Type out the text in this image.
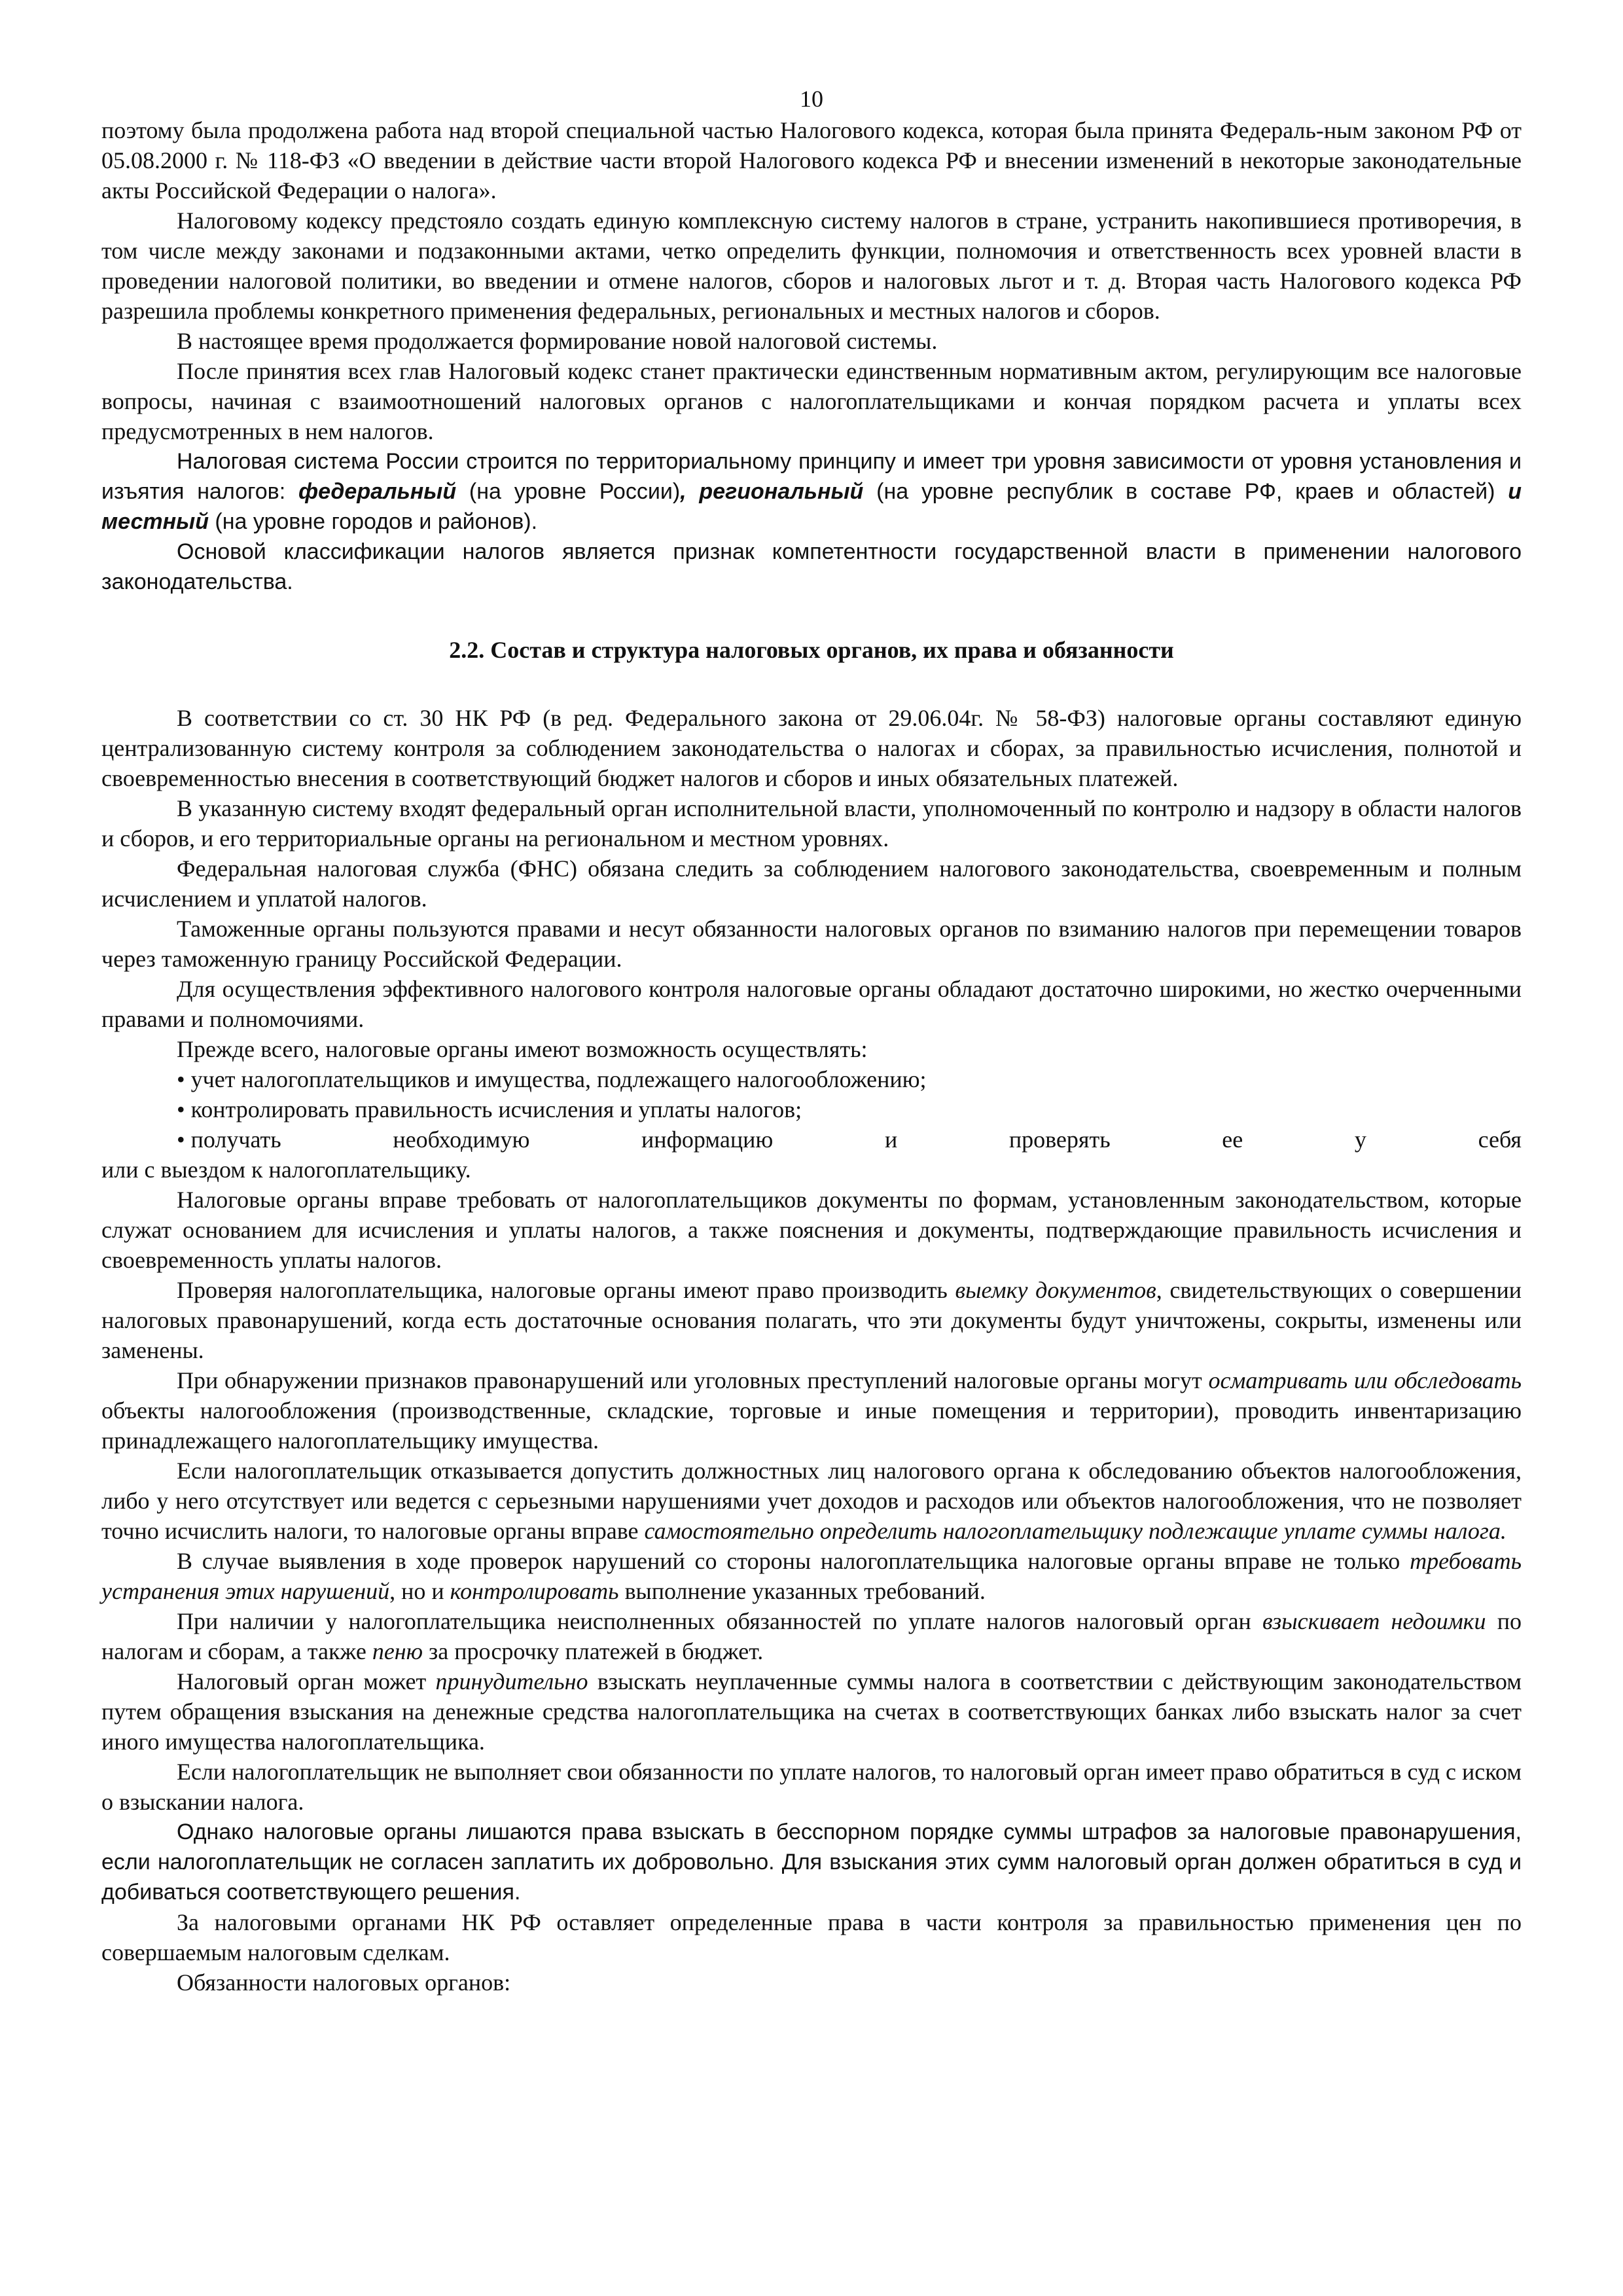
10

поэтому была продолжена работа над второй специальной частью Налогового кодекса, которая была принята Федераль-ным законом РФ от 05.08.2000 г. № 118-ФЗ «О введении в действие части второй Налогового кодекса РФ и внесении изменений в некоторые законодательные акты Российской Федерации о налога».

Налоговому кодексу предстояло создать единую комплексную систему налогов в стране, устранить накопившиеся противоречия, в том числе между законами и подзаконными актами, четко определить функции, полномочия и ответственность всех уровней власти в проведении налоговой политики, во введении и отмене налогов, сборов и налоговых льгот и т. д. Вторая часть Налогового кодекса РФ разрешила проблемы конкретного применения федеральных, региональных и местных налогов и сборов.

В настоящее время продолжается формирование новой налоговой системы.

После принятия всех глав Налоговый кодекс станет практически единственным нормативным актом, регулирующим все налоговые вопросы, начиная с взаимоотношений налоговых органов с налогоплательщиками и кончая порядком расчета и уплаты всех предусмотренных в нем налогов.

Налоговая система России строится по территориальному принципу и имеет три уровня зависимости от уровня установления и изъятия налогов: федеральный (на уровне России), региональный (на уровне республик в составе РФ, краев и областей) и местный (на уровне городов и районов).

Основой классификации налогов является признак компетентности государственной власти в применении налогового законодательства.

2.2. Состав и структура налоговых органов, их права и обязанности

В соответствии со ст. 30 НК РФ (в ред. Федерального закона от 29.06.04г. № 58-ФЗ) налоговые органы составляют единую централизованную систему контроля за соблюдением законодательства о налогах и сборах, за правильностью исчисления, полнотой и своевременностью внесения в соответствующий бюджет налогов и сборов и иных обязательных платежей.

В указанную систему входят федеральный орган исполнительной власти, уполномоченный по контролю и надзору в области налогов и сборов, и его территориальные органы на региональном и местном уровнях.

Федеральная налоговая служба (ФНС) обязана следить за соблюдением налогового законодательства, своевременным и полным исчислением и уплатой налогов.

Таможенные органы пользуются правами и несут обязанности налоговых органов по взиманию налогов при перемещении товаров через таможенную границу Российской Федерации.

Для осуществления эффективного налогового контроля налоговые органы обладают достаточно широкими, но жестко очерченными правами и полномочиями.

Прежде всего, налоговые органы имеют возможность осуществлять:

• учет налогоплательщиков и имущества, подлежащего налогообложению;

• контролировать правильность исчисления и уплаты налогов;

• получать	необходимую	информацию	и	проверять	ее	у	себя

или с выездом к налогоплательщику.

Налоговые органы вправе требовать от налогоплательщиков документы по формам, установленным законодательством, которые служат основанием для исчисления и уплаты налогов, а также пояснения и документы, подтверждающие правильность исчисления и своевременность уплаты налогов.

Проверяя налогоплательщика, налоговые органы имеют право производить выемку документов, свидетельствующих о совершении налоговых правонарушений, когда есть достаточные основания полагать, что эти документы будут уничтожены, сокрыты, изменены или заменены.

При обнаружении признаков правонарушений или уголовных преступлений налоговые органы могут осматривать или обследовать объекты налогообложения (производственные, складские, торговые и иные помещения и территории), проводить инвентаризацию принадлежащего налогоплательщику имущества.

Если налогоплательщик отказывается допустить должностных лиц налогового органа к обследованию объектов налогообложения, либо у него отсутствует или ведется с серьезными нарушениями учет доходов и расходов или объектов налогообложения, что не позволяет точно исчислить налоги, то налоговые органы вправе самостоятельно определить налогоплательщику подлежащие уплате суммы налога.

В случае выявления в ходе проверок нарушений со стороны налогоплательщика налоговые органы вправе не только требовать устранения этих нарушений, но и контролировать выполнение указанных требований.

При наличии у налогоплательщика неисполненных обязанностей по уплате налогов налоговый орган взыскивает недоимки по налогам и сборам, а также пеню за просрочку платежей в бюджет.

Налоговый орган может принудительно взыскать неуплаченные суммы налога в соответствии с действующим законодательством путем обращения взыскания на денежные средства налогоплательщика на счетах в соответствующих банках либо взыскать налог за счет иного имущества налогоплательщика.

Если налогоплательщик не выполняет свои обязанности по уплате налогов, то налоговый орган имеет право обратиться в суд с иском о взыскании налога.

Однако налоговые органы лишаются права взыскать в бесспорном порядке суммы штрафов за налоговые правонарушения, если налогоплательщик не согласен заплатить их добровольно. Для взыскания этих сумм налоговый орган должен обратиться в суд и добиваться соответствующего решения.

За налоговыми органами НК РФ оставляет определенные права в части контроля за правильностью применения цен по совершаемым налоговым сделкам.

Обязанности налоговых органов:
